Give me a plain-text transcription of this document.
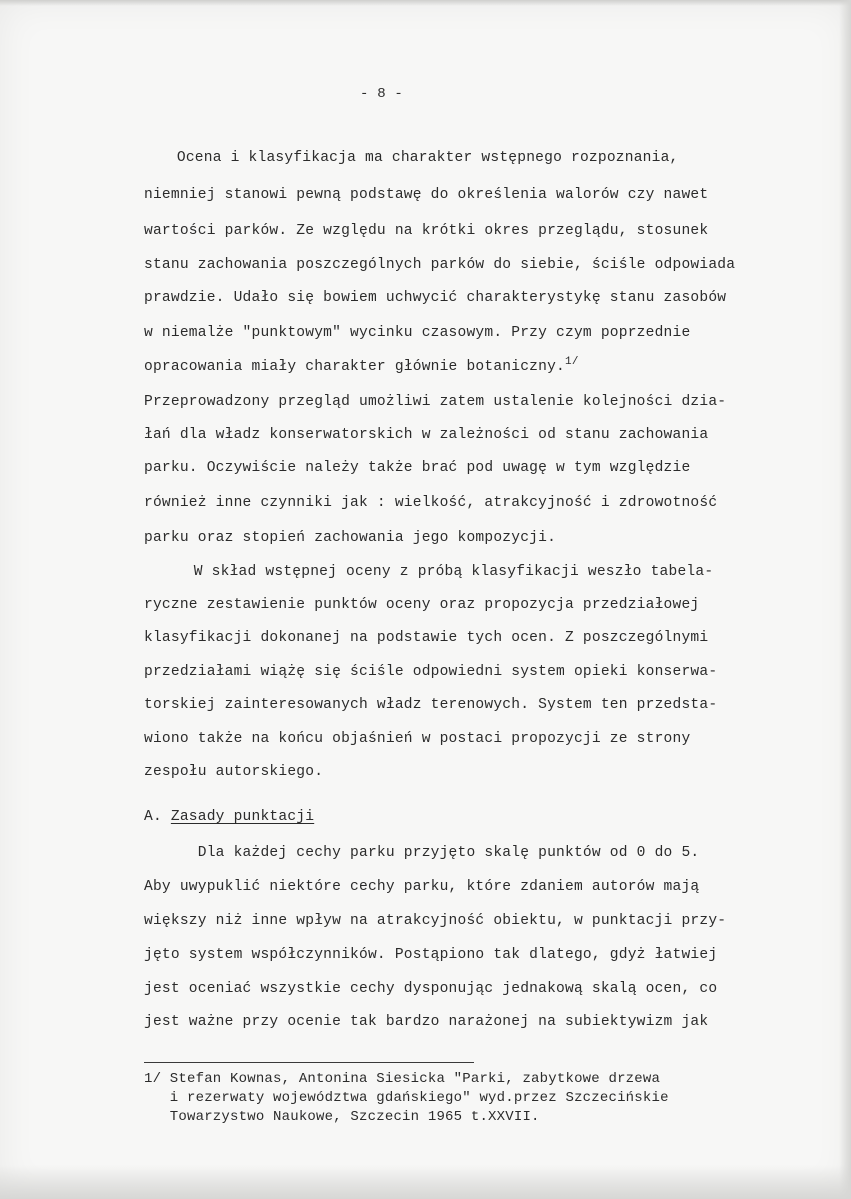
- 8 -
Ocena i klasyfikacja ma charakter wstępnego rozpoznania,
niemniej stanowi pewną podstawę do określenia walorów czy nawet
wartości parków. Ze względu na krótki okres przeglądu, stosunek
stanu zachowania poszczególnych parków do siebie, ściśle odpowiada
prawdzie. Udało się bowiem uchwycić charakterystykę stanu zasobów
w niemalże "punktowym" wycinku czasowym. Przy czym poprzednie
opracowania miały charakter głównie botaniczny.$^{1/}$
Przeprowadzony przegląd umożliwi zatem ustalenie kolejności dzia-
łań dla władz konserwatorskich w zależności od stanu zachowania
parku. Oczywiście należy także brać pod uwagę w tym względzie
również inne czynniki jak : wielkość, atrakcyjność i zdrowotność
parku oraz stopień zachowania jego kompozycji.
W skład wstępnej oceny z próbą klasyfikacji weszło tabela-
ryczne zestawienie punktów oceny oraz propozycja przedziałowej
klasyfikacji dokonanej na podstawie tych ocen. Z poszczególnymi
przedziałami wiążę się ściśle odpowiedni system opieki konserwa-
torskiej zainteresowanych władz terenowych. System ten przedsta-
wiono także na końcu objaśnień w postaci propozycji ze strony
zespołu autorskiego.
A. Zasady punktacji
Dla każdej cechy parku przyjęto skalę punktów od 0 do 5.
Aby uwypuklić niektóre cechy parku, które zdaniem autorów mają
większy niż inne wpływ na atrakcyjność obiektu, w punktacji przy-
jęto system współczynników. Postąpiono tak dlatego, gdyż łatwiej
jest oceniać wszystkie cechy dysponując jednakową skalą ocen, co
jest ważne przy ocenie tak bardzo narażonej na subiektywizm jak
1/ Stefan Kownas, Antonina Siesicka "Parki, zabytkowe drzewa
i rezerwaty województwa gdańskiego" wyd.przez Szczecińskie
Towarzystwo Naukowe, Szczecin 1965 t.XXVII.
